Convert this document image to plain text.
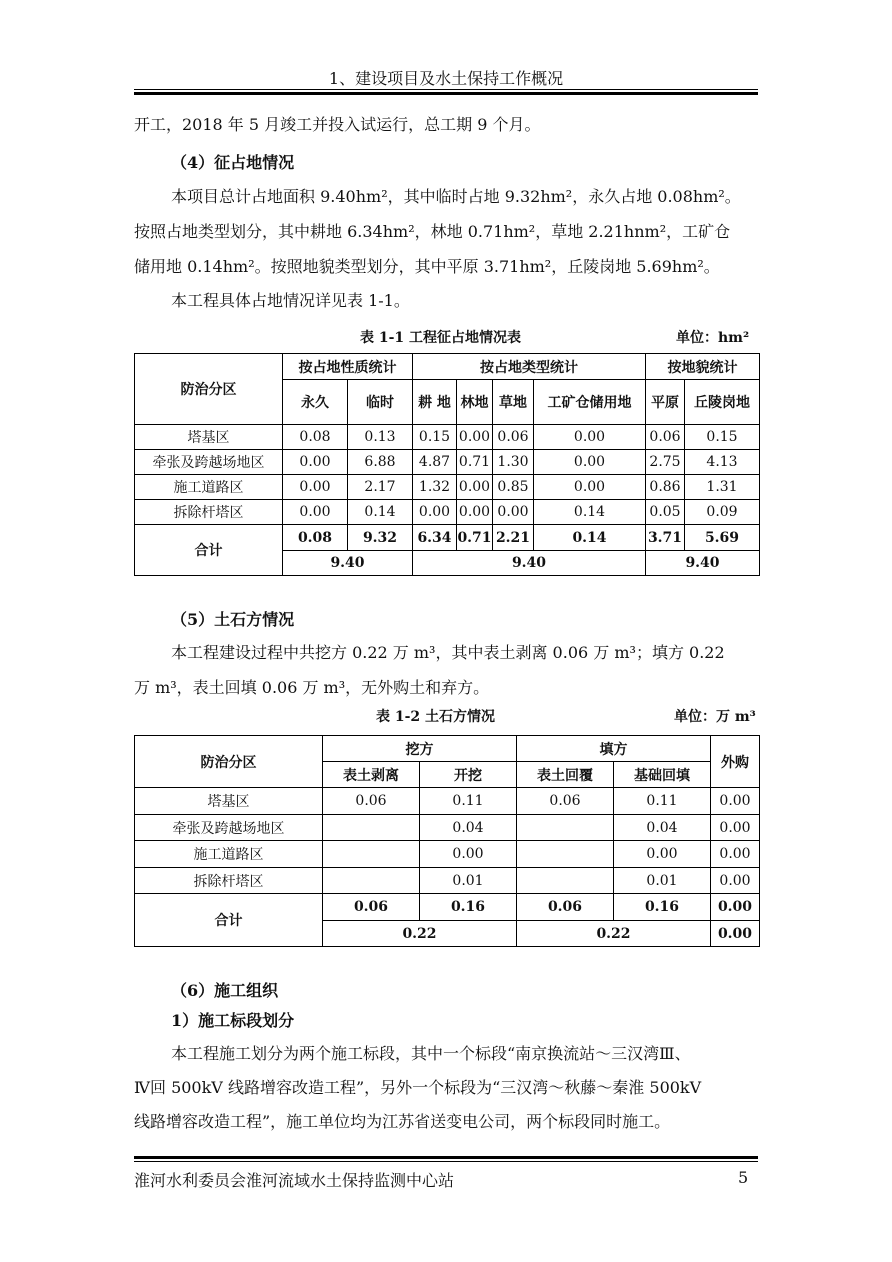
1、建设项目及水土保持工作概况
开工，2018 年 5 月竣工并投入试运行，总工期 9 个月。
（4）征占地情况
本项目总计占地面积 9.40hm²，其中临时占地 9.32hm²，永久占地 0.08hm²。
按照占地类型划分，其中耕地 6.34hm²，林地 0.71hm²，草地 2.21hnm²，工矿仓
储用地 0.14hm²。按照地貌类型划分，其中平原 3.71hm²，丘陵岗地 5.69hm²。
本工程具体占地情况详见表 1-1。
表 1-1 工程征占地情况表	单位：hm²
防治分区	按占地性质统计		按占地类型统计				按地貌统计	
	永久	临时	耕 地	林地	草地	工矿仓储用地	平原	丘陵岗地
塔基区	0.08	0.13	0.15	0.00	0.06	0.00	0.06	0.15
牵张及跨越场地区	0.00	6.88	4.87	0.71	1.30	0.00	2.75	4.13
施工道路区	0.00	2.17	1.32	0.00	0.85	0.00	0.86	1.31
拆除杆塔区	0.00	0.14	0.00	0.00	0.00	0.14	0.05	0.09
合计	0.08	9.32	6.34	0.71	2.21	0.14	3.71	5.69
	9.40		9.40				9.40	
（5）土石方情况
本工程建设过程中共挖方 0.22 万 m³，其中表土剥离 0.06 万 m³；填方 0.22
万 m³，表土回填 0.06 万 m³，无外购土和弃方。
表 1-2 土石方情况	单位：万 m³
防治分区	挖方		填方		外购
	表土剥离	开挖	表土回覆	基础回填	
塔基区	0.06	0.11	0.06	0.11	0.00
牵张及跨越场地区		0.04		0.04	0.00
施工道路区		0.00		0.00	0.00
拆除杆塔区		0.01		0.01	0.00
合计	0.06	0.16	0.06	0.16	0.00
	0.22		0.22		0.00
（6）施工组织
1）施工标段划分
本工程施工划分为两个施工标段，其中一个标段“南京换流站～三汉湾Ⅲ、
Ⅳ回 500kV 线路增容改造工程”，另外一个标段为“三汉湾～秋藤～秦淮 500kV
线路增容改造工程”，施工单位均为江苏省送变电公司，两个标段同时施工。
淮河水利委员会淮河流域水土保持监测中心站	5
